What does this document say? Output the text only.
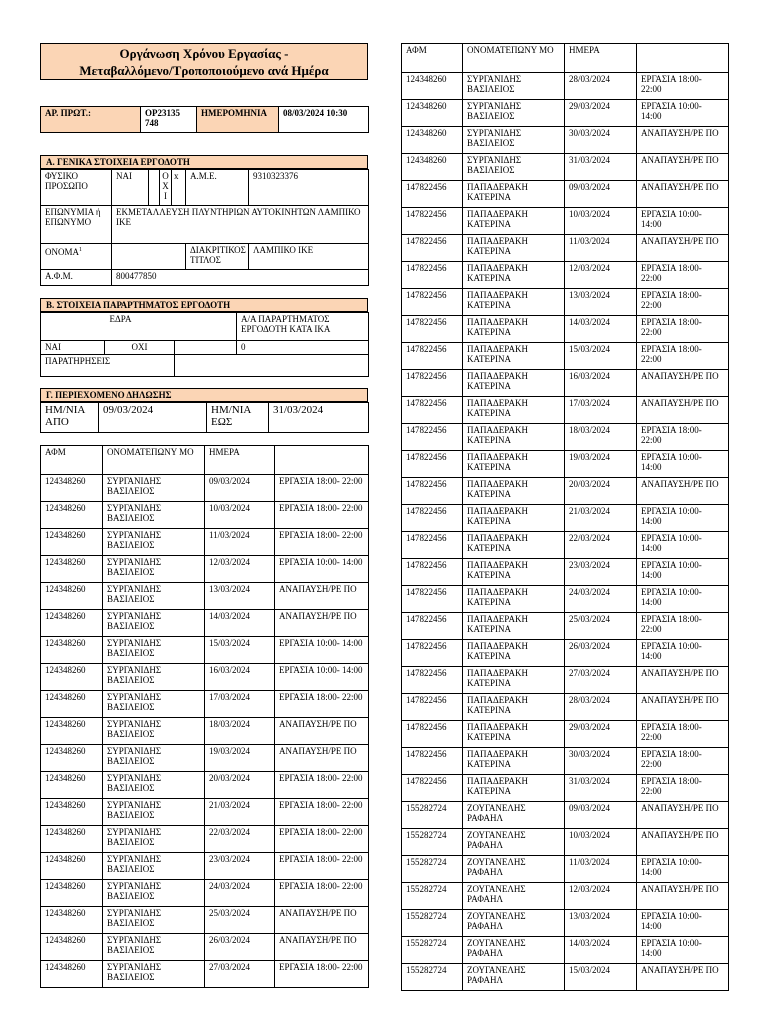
Οργάνωση Χρόνου Εργασίας -
Μεταβαλλόμενο/Τροποποιούμενο ανά Ημέρα
ΑΡ. ΠΡΩΤ.:	ΟΡ23135 748	ΗΜΕΡΟΜΗΝΙΑ	08/03/2024 10:30
Α. ΓΕΝΙΚΑ ΣΤΟΙΧΕΙΑ ΕΡΓΟΔΟΤΗ
ΦΥΣΙΚΟ ΠΡΟΣΩΠΟ	ΝΑΙ		Ο Χ Ι	x	Α.Μ.Ε.	9310323376
ΕΠΩΝΥΜΙΑ ή ΕΠΩΝΥΜΟ	ΕΚΜΕΤΑΛΛΕΥΣΗ ΠΛΥΝΤΗΡΙΩΝ ΑΥΤΟΚΙΝΗΤΩΝ ΛΑΜΠΙΚΟ ΙΚΕ					
ΟΝΟΜΑ$^1$					ΔΙΑΚΡΙΤΙΚΟΣ ΤΙΤΛΟΣ	ΛΑΜΠΙΚΟ ΙΚΕ
Α.Φ.Μ.	800477850					
Β. ΣΤΟΙΧΕΙΑ ΠΑΡΑΡΤΗΜΑΤΟΣ ΕΡΓΟΔΟΤΗ
ΕΔΡΑ			Α/Α ΠΑΡΑΡΤΗΜΑΤΟΣ ΕΡΓΟΔΟΤΗ ΚΑΤΑ ΙΚΑ
ΝΑΙ	ΟΧΙ		0
ΠΑΡΑΤΗΡΗΣΕΙΣ			
Γ. ΠΕΡΙΕΧΟΜΕΝΟ ΔΗΛΩΣΗΣ
ΗΜ/ΝΙΑ ΑΠΟ	09/03/2024	ΗΜ/ΝΙΑ ΕΩΣ	31/03/2024
ΑΦΜ	ΟΝΟΜΑΤΕΠΩΝΥ ΜΟ	ΗΜΕΡΑ	
124348260	ΣΥΡΓΑΝΙΔΗΣ ΒΑΣΙΛΕΙΟΣ	09/03/2024	ΕΡΓΑΣΙΑ 18:00- 22:00
124348260	ΣΥΡΓΑΝΙΔΗΣ ΒΑΣΙΛΕΙΟΣ	10/03/2024	ΕΡΓΑΣΙΑ 18:00- 22:00
124348260	ΣΥΡΓΑΝΙΔΗΣ ΒΑΣΙΛΕΙΟΣ	11/03/2024	ΕΡΓΑΣΙΑ 18:00- 22:00
124348260	ΣΥΡΓΑΝΙΔΗΣ ΒΑΣΙΛΕΙΟΣ	12/03/2024	ΕΡΓΑΣΙΑ 10:00- 14:00
124348260	ΣΥΡΓΑΝΙΔΗΣ ΒΑΣΙΛΕΙΟΣ	13/03/2024	ΑΝΑΠΑΥΣΗ/ΡΕ ΠΟ
124348260	ΣΥΡΓΑΝΙΔΗΣ ΒΑΣΙΛΕΙΟΣ	14/03/2024	ΑΝΑΠΑΥΣΗ/ΡΕ ΠΟ
124348260	ΣΥΡΓΑΝΙΔΗΣ ΒΑΣΙΛΕΙΟΣ	15/03/2024	ΕΡΓΑΣΙΑ 10:00- 14:00
124348260	ΣΥΡΓΑΝΙΔΗΣ ΒΑΣΙΛΕΙΟΣ	16/03/2024	ΕΡΓΑΣΙΑ 10:00- 14:00
124348260	ΣΥΡΓΑΝΙΔΗΣ ΒΑΣΙΛΕΙΟΣ	17/03/2024	ΕΡΓΑΣΙΑ 18:00- 22:00
124348260	ΣΥΡΓΑΝΙΔΗΣ ΒΑΣΙΛΕΙΟΣ	18/03/2024	ΑΝΑΠΑΥΣΗ/ΡΕ ΠΟ
124348260	ΣΥΡΓΑΝΙΔΗΣ ΒΑΣΙΛΕΙΟΣ	19/03/2024	ΑΝΑΠΑΥΣΗ/ΡΕ ΠΟ
124348260	ΣΥΡΓΑΝΙΔΗΣ ΒΑΣΙΛΕΙΟΣ	20/03/2024	ΕΡΓΑΣΙΑ 18:00- 22:00
124348260	ΣΥΡΓΑΝΙΔΗΣ ΒΑΣΙΛΕΙΟΣ	21/03/2024	ΕΡΓΑΣΙΑ 18:00- 22:00
124348260	ΣΥΡΓΑΝΙΔΗΣ ΒΑΣΙΛΕΙΟΣ	22/03/2024	ΕΡΓΑΣΙΑ 18:00- 22:00
124348260	ΣΥΡΓΑΝΙΔΗΣ ΒΑΣΙΛΕΙΟΣ	23/03/2024	ΕΡΓΑΣΙΑ 18:00- 22:00
124348260	ΣΥΡΓΑΝΙΔΗΣ ΒΑΣΙΛΕΙΟΣ	24/03/2024	ΕΡΓΑΣΙΑ 18:00- 22:00
124348260	ΣΥΡΓΑΝΙΔΗΣ ΒΑΣΙΛΕΙΟΣ	25/03/2024	ΑΝΑΠΑΥΣΗ/ΡΕ ΠΟ
124348260	ΣΥΡΓΑΝΙΔΗΣ ΒΑΣΙΛΕΙΟΣ	26/03/2024	ΑΝΑΠΑΥΣΗ/ΡΕ ΠΟ
124348260	ΣΥΡΓΑΝΙΔΗΣ ΒΑΣΙΛΕΙΟΣ	27/03/2024	ΕΡΓΑΣΙΑ 18:00- 22:00
ΑΦΜ	ΟΝΟΜΑΤΕΠΩΝΥ ΜΟ	ΗΜΕΡΑ	
124348260	ΣΥΡΓΑΝΙΔΗΣ ΒΑΣΙΛΕΙΟΣ	28/03/2024	ΕΡΓΑΣΙΑ 18:00- 22:00
124348260	ΣΥΡΓΑΝΙΔΗΣ ΒΑΣΙΛΕΙΟΣ	29/03/2024	ΕΡΓΑΣΙΑ 10:00- 14:00
124348260	ΣΥΡΓΑΝΙΔΗΣ ΒΑΣΙΛΕΙΟΣ	30/03/2024	ΑΝΑΠΑΥΣΗ/ΡΕ ΠΟ
124348260	ΣΥΡΓΑΝΙΔΗΣ ΒΑΣΙΛΕΙΟΣ	31/03/2024	ΑΝΑΠΑΥΣΗ/ΡΕ ΠΟ
147822456	ΠΑΠΑΔΕΡΑΚΗ ΚΑΤΕΡΙΝΑ	09/03/2024	ΑΝΑΠΑΥΣΗ/ΡΕ ΠΟ
147822456	ΠΑΠΑΔΕΡΑΚΗ ΚΑΤΕΡΙΝΑ	10/03/2024	ΕΡΓΑΣΙΑ 10:00- 14:00
147822456	ΠΑΠΑΔΕΡΑΚΗ ΚΑΤΕΡΙΝΑ	11/03/2024	ΑΝΑΠΑΥΣΗ/ΡΕ ΠΟ
147822456	ΠΑΠΑΔΕΡΑΚΗ ΚΑΤΕΡΙΝΑ	12/03/2024	ΕΡΓΑΣΙΑ 18:00- 22:00
147822456	ΠΑΠΑΔΕΡΑΚΗ ΚΑΤΕΡΙΝΑ	13/03/2024	ΕΡΓΑΣΙΑ 18:00- 22:00
147822456	ΠΑΠΑΔΕΡΑΚΗ ΚΑΤΕΡΙΝΑ	14/03/2024	ΕΡΓΑΣΙΑ 18:00- 22:00
147822456	ΠΑΠΑΔΕΡΑΚΗ ΚΑΤΕΡΙΝΑ	15/03/2024	ΕΡΓΑΣΙΑ 18:00- 22:00
147822456	ΠΑΠΑΔΕΡΑΚΗ ΚΑΤΕΡΙΝΑ	16/03/2024	ΑΝΑΠΑΥΣΗ/ΡΕ ΠΟ
147822456	ΠΑΠΑΔΕΡΑΚΗ ΚΑΤΕΡΙΝΑ	17/03/2024	ΑΝΑΠΑΥΣΗ/ΡΕ ΠΟ
147822456	ΠΑΠΑΔΕΡΑΚΗ ΚΑΤΕΡΙΝΑ	18/03/2024	ΕΡΓΑΣΙΑ 18:00- 22:00
147822456	ΠΑΠΑΔΕΡΑΚΗ ΚΑΤΕΡΙΝΑ	19/03/2024	ΕΡΓΑΣΙΑ 10:00- 14:00
147822456	ΠΑΠΑΔΕΡΑΚΗ ΚΑΤΕΡΙΝΑ	20/03/2024	ΑΝΑΠΑΥΣΗ/ΡΕ ΠΟ
147822456	ΠΑΠΑΔΕΡΑΚΗ ΚΑΤΕΡΙΝΑ	21/03/2024	ΕΡΓΑΣΙΑ 10:00- 14:00
147822456	ΠΑΠΑΔΕΡΑΚΗ ΚΑΤΕΡΙΝΑ	22/03/2024	ΕΡΓΑΣΙΑ 10:00- 14:00
147822456	ΠΑΠΑΔΕΡΑΚΗ ΚΑΤΕΡΙΝΑ	23/03/2024	ΕΡΓΑΣΙΑ 10:00- 14:00
147822456	ΠΑΠΑΔΕΡΑΚΗ ΚΑΤΕΡΙΝΑ	24/03/2024	ΕΡΓΑΣΙΑ 10:00- 14:00
147822456	ΠΑΠΑΔΕΡΑΚΗ ΚΑΤΕΡΙΝΑ	25/03/2024	ΕΡΓΑΣΙΑ 18:00- 22:00
147822456	ΠΑΠΑΔΕΡΑΚΗ ΚΑΤΕΡΙΝΑ	26/03/2024	ΕΡΓΑΣΙΑ 10:00- 14:00
147822456	ΠΑΠΑΔΕΡΑΚΗ ΚΑΤΕΡΙΝΑ	27/03/2024	ΑΝΑΠΑΥΣΗ/ΡΕ ΠΟ
147822456	ΠΑΠΑΔΕΡΑΚΗ ΚΑΤΕΡΙΝΑ	28/03/2024	ΑΝΑΠΑΥΣΗ/ΡΕ ΠΟ
147822456	ΠΑΠΑΔΕΡΑΚΗ ΚΑΤΕΡΙΝΑ	29/03/2024	ΕΡΓΑΣΙΑ 18:00- 22:00
147822456	ΠΑΠΑΔΕΡΑΚΗ ΚΑΤΕΡΙΝΑ	30/03/2024	ΕΡΓΑΣΙΑ 18:00- 22:00
147822456	ΠΑΠΑΔΕΡΑΚΗ ΚΑΤΕΡΙΝΑ	31/03/2024	ΕΡΓΑΣΙΑ 18:00- 22:00
155282724	ΖΟΥΓΑΝΕΛΗΣ ΡΑΦΑΗΛ	09/03/2024	ΑΝΑΠΑΥΣΗ/ΡΕ ΠΟ
155282724	ΖΟΥΓΑΝΕΛΗΣ ΡΑΦΑΗΛ	10/03/2024	ΑΝΑΠΑΥΣΗ/ΡΕ ΠΟ
155282724	ΖΟΥΓΑΝΕΛΗΣ ΡΑΦΑΗΛ	11/03/2024	ΕΡΓΑΣΙΑ 10:00- 14:00
155282724	ΖΟΥΓΑΝΕΛΗΣ ΡΑΦΑΗΛ	12/03/2024	ΑΝΑΠΑΥΣΗ/ΡΕ ΠΟ
155282724	ΖΟΥΓΑΝΕΛΗΣ ΡΑΦΑΗΛ	13/03/2024	ΕΡΓΑΣΙΑ 10:00- 14:00
155282724	ΖΟΥΓΑΝΕΛΗΣ ΡΑΦΑΗΛ	14/03/2024	ΕΡΓΑΣΙΑ 10:00- 14:00
155282724	ΖΟΥΓΑΝΕΛΗΣ ΡΑΦΑΗΛ	15/03/2024	ΑΝΑΠΑΥΣΗ/ΡΕ ΠΟ
